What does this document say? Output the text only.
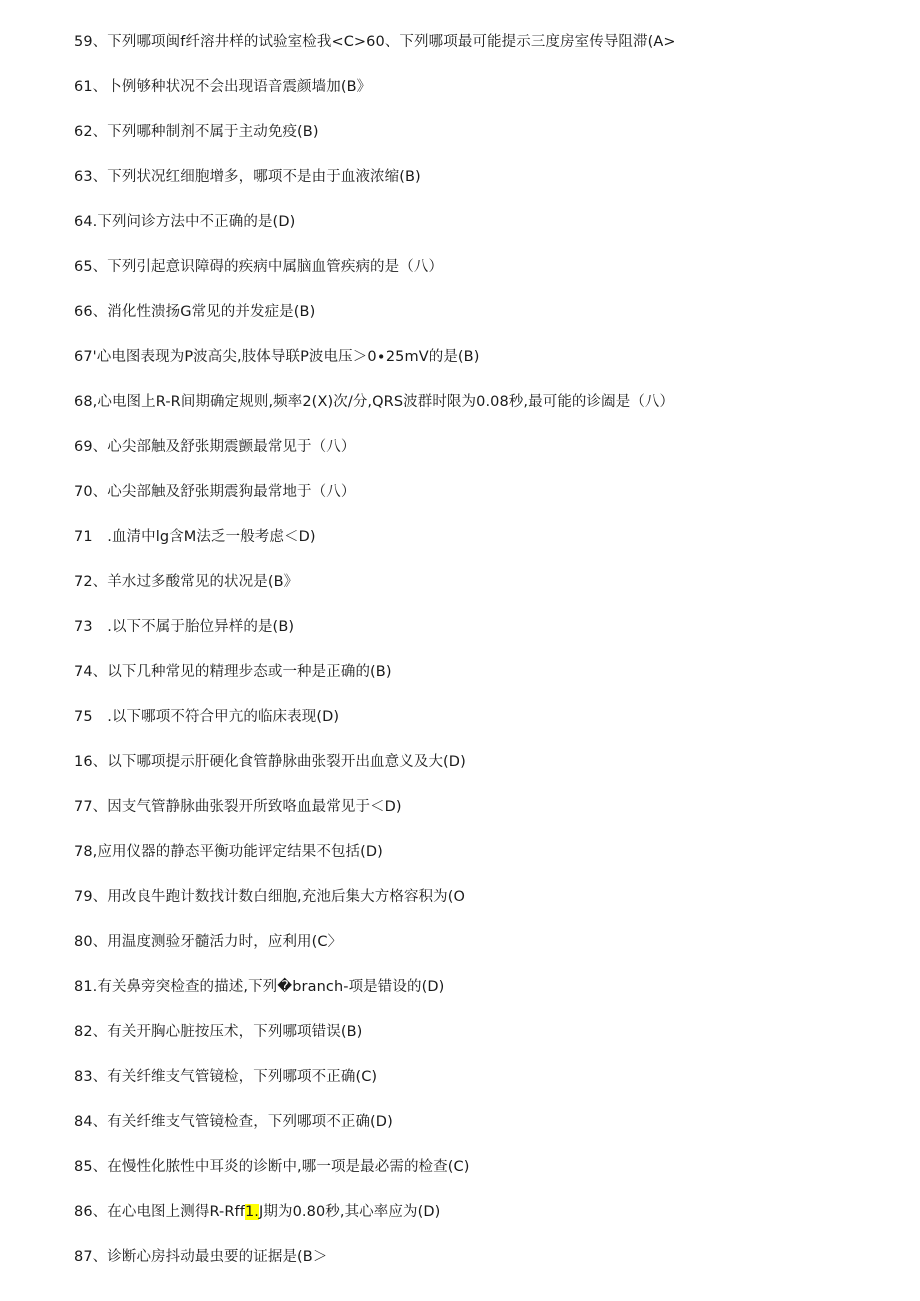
59、下列哪项闽f纤溶井样的试验室检我<C>60、下列哪项最可能提示三度房室传导阻滞(A>
61、卜例够种状况不会出现语音震颜墙加(B》
62、下列哪种制剂不属于主动免疫(B)
63、下列状况红细胞增多，哪项不是由于血液浓缩(B)
64.下列问诊方法中不正确的是(D)
65、下列引起意识障碍的疾病中属脑血管疾病的是（八）
66、消化性溃扬G常见的并发症是(B)
67'心电图表现为P波高尖,肢体导联P波电压＞0∙25mV的是(B)
68,心电图上R-R间期确定规则,频率2(X)次/分,QRS波群时限为0.08秒,最可能的诊阖是（八）
69、心尖部触及舒张期震颤最常见于（八）
70、心尖部触及舒张期震狗最常地于（八）
71　.血清中lg含M法乏一般考虑＜D)
72、羊水过多酸常见的状况是(B》
73　.以下不属于胎位异样的是(B)
74、以下几种常见的精理步态或一种是正确的(B)
75　.以下哪项不符合甲亢的临床表现(D)
16、以下哪项提示肝硬化食管静脉曲张裂开出血意义及大(D)
77、因支气管静脉曲张裂开所致咯血最常见于＜D)
78,应用仪器的静态平衡功能评定结果不包括(D)
79、用改良牛跑计数找计数白细胞,充池后集大方格容积为(O
80、用温度测验牙髓活力时，应利用(C〉
81.有关鼻旁突检查的描述,下列�branch-项是错设的(D)
82、有关开胸心脏按压术，下列哪项错误(B)
83、有关纤维支气管镜检，下列哪项不正确(C)
84、有关纤维支气管镜检查，下列哪项不正确(D)
85、在慢性化脓性中耳炎的诊断中,哪一项是最必需的检查(C)
86、在心电图上测得R-Rff1.J期为0.80秒,其心率应为(D)
87、诊断心房抖动最虫要的证据是(B＞
